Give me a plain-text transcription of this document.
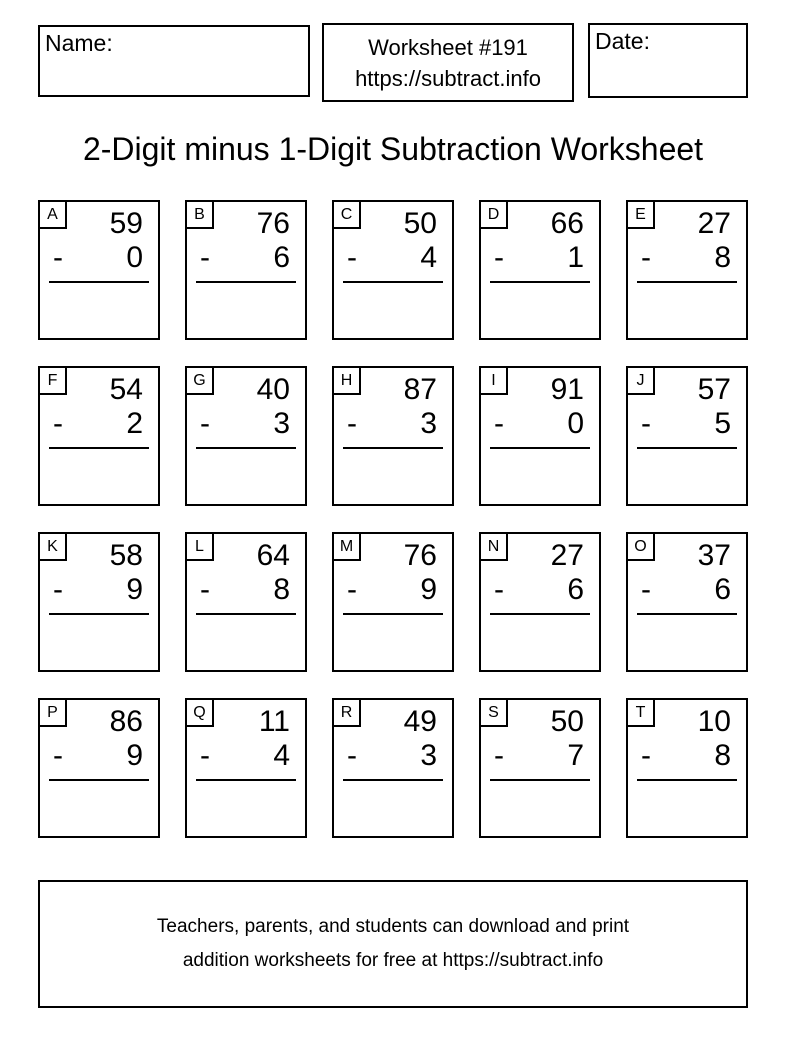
Name:	Worksheet #191
https://subtract.info
Date:
2-Digit minus 1-Digit Subtraction Worksheet
A	59
- 0
B	76
- 6
C	50
- 4
D	66
- 1
E	27
- 8
F	54
- 2
G	40
- 3
H	87
- 3
I	91
- 0
J	57
- 5
K	58
- 9
L	64
- 8
M	76
- 9
N	27
- 6
O	37
- 6
P	86
- 9
Q	11
- 4
R	49
- 3
S	50
- 7
T	10
- 8
Teachers, parents, and students can download and print
addition worksheets for free at https://subtract.info
